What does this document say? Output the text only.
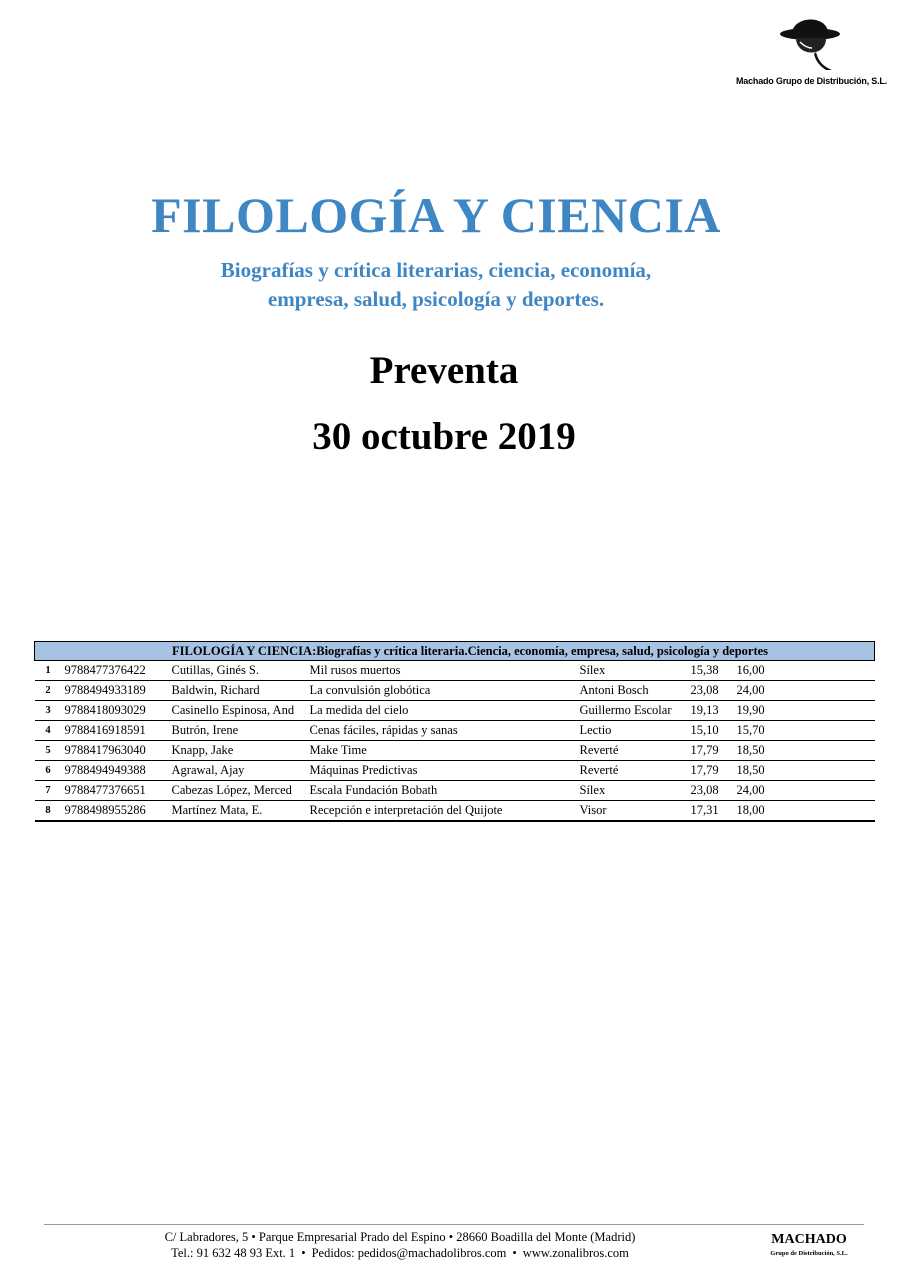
Machado Grupo de Distribución, S.L.
FILOLOGÍA Y CIENCIA
Biografías y crítica literarias, ciencia, economía,
empresa, salud, psicología y deportes.
Preventa
30 octubre 2019
FILOLOGÍA Y CIENCIA:Biografías y crítica literaria.Ciencia, economía, empresa, salud, psicología y deportes						
1	9788477376422	Cutillas, Ginés S.	Mil rusos muertos	Sílex	15,38	16,00
2	9788494933189	Baldwin, Richard	La convulsión globótica	Antoni Bosch	23,08	24,00
3	9788418093029	Casinello Espinosa, And	La medida del cielo	Guillermo Escolar	19,13	19,90
4	9788416918591	Butrón, Irene	Cenas fáciles, rápidas y sanas	Lectio	15,10	15,70
5	9788417963040	Knapp, Jake	Make Time	Reverté	17,79	18,50
6	9788494949388	Agrawal, Ajay	Máquinas Predictivas	Reverté	17,79	18,50
7	9788477376651	Cabezas López, Merced	Escala Fundación Bobath	Sílex	23,08	24,00
8	9788498955286	Martínez Mata, E.	Recepción e interpretación del Quijote	Visor	17,31	18,00
C/ Labradores, 5 • Parque Empresarial Prado del Espino • 28660 Boadilla del Monte (Madrid)
Tel.: 91 632 48 93 Ext. 1 • Pedidos: pedidos@machadolibros.com • www.zonalibros.com
MACHADO
Grupo de Distribución, S.L.
